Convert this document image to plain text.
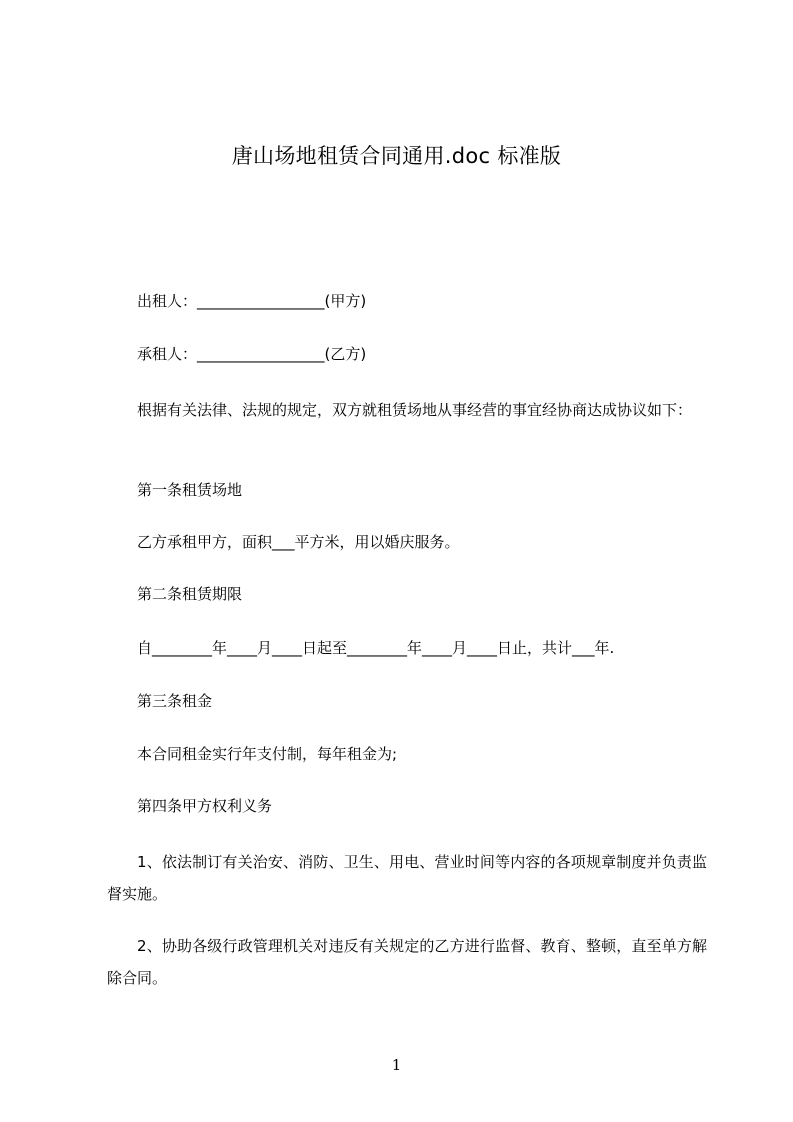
唐山场地租赁合同通用.doc 标准版
出租人：_________________(甲方)
承租人：_________________(乙方)
根据有关法律、法规的规定，双方就租赁场地从事经营的事宜经协商达成协议如下：
第一条租赁场地
乙方承租甲方，面积___平方米，用以婚庆服务。
第二条租赁期限
自________年____月____日起至________年____月____日止，共计___年.
第三条租金
本合同租金实行年支付制，每年租金为;
第四条甲方权利义务
1、依法制订有关治安、消防、卫生、用电、营业时间等内容的各项规章制度并负责监督实施。
2、协助各级行政管理机关对违反有关规定的乙方进行监督、教育、整顿，直至单方解除合同。
1
